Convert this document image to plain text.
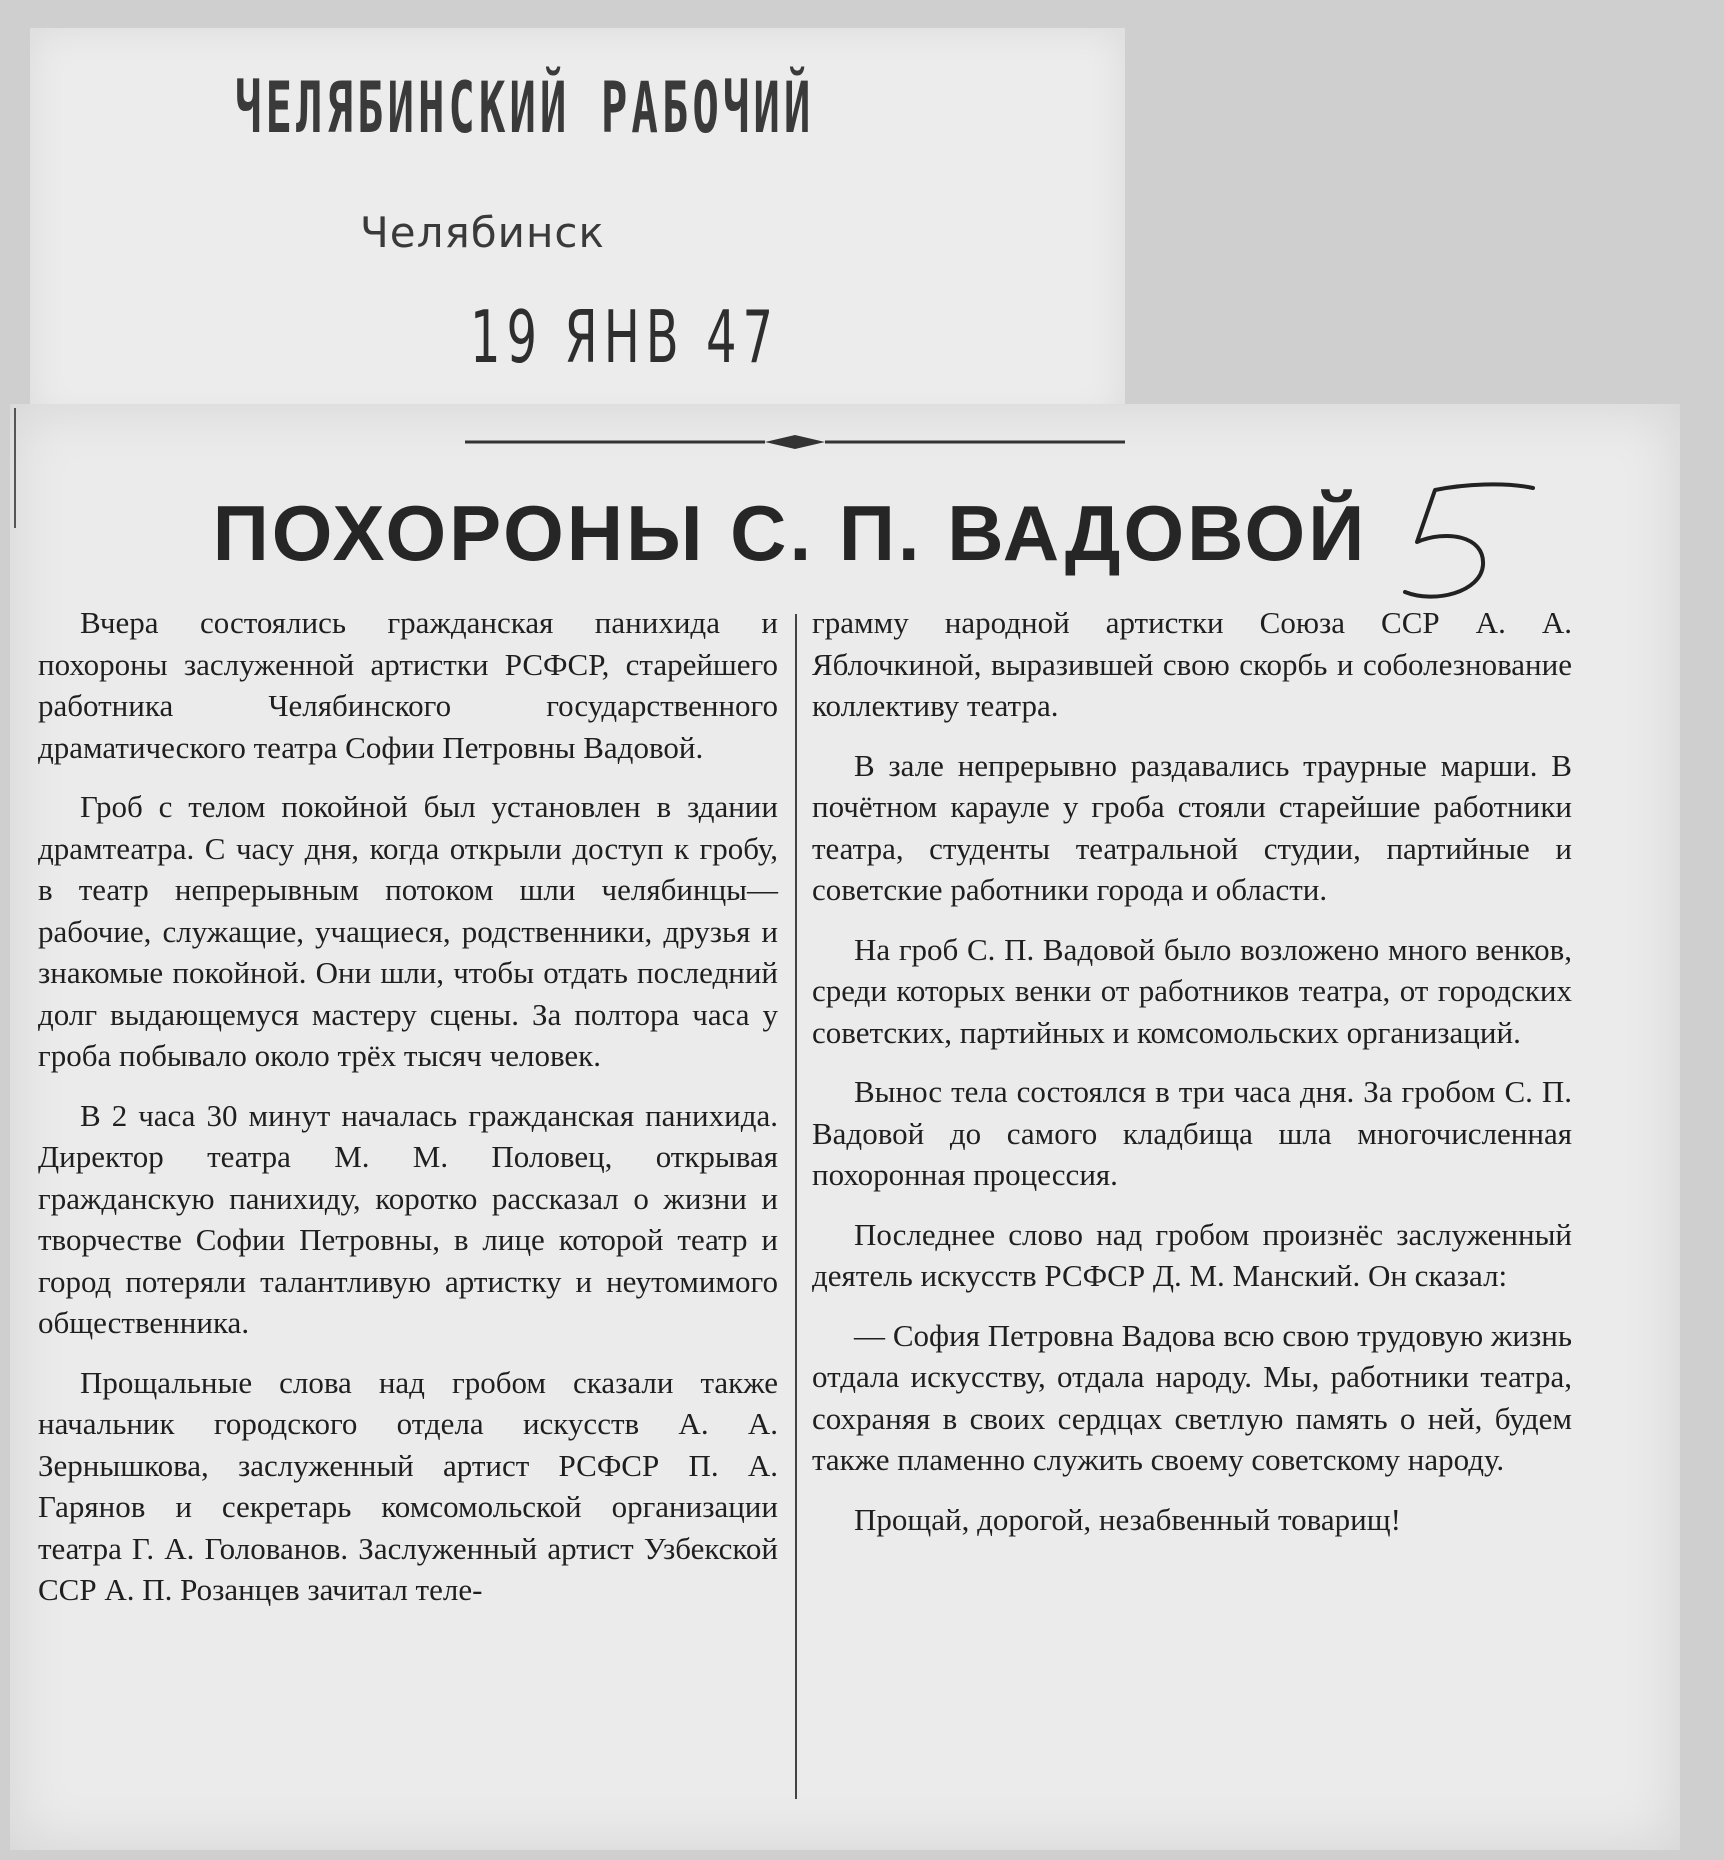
ЧЕЛЯБИНСКИЙ РАБОЧИЙ
Челябинск
19 ЯНВ 47
ПОХОРОНЫ С. П. ВАДОВОЙ

Вчера состоялись гражданская панихида и похороны заслуженной артистки РСФСР, старейшего работника Челябинского государственного драматического театра Софии Петровны Вадовой.

Гроб с телом покойной был установлен в здании драмтеатра. С часу дня, когда открыли доступ к гробу, в театр непрерывным потоком шли челябинцы—рабочие, служащие, учащиеся, родственники, друзья и знакомые покойной. Они шли, чтобы отдать последний долг выдающемуся мастеру сцены. За полтора часа у гроба побывало около трёх тысяч человек.

В 2 часа 30 минут началась гражданская панихида. Директор театра М. М. Половец, открывая гражданскую панихиду, коротко рассказал о жизни и творчестве Софии Петровны, в лице которой театр и город потеряли талантливую артистку и неутомимого общественника.

Прощальные слова над гробом сказали также начальник городского отдела искусств А. А. Зернышкова, заслуженный артист РСФСР П. А. Гарянов и секретарь комсомольской организации театра Г. А. Голованов. Заслуженный артист Узбекской ССР А. П. Розанцев зачитал теле-

грамму народной артистки Союза ССР А. А. Яблочкиной, выразившей свою скорбь и соболезнование коллективу театра.

В зале непрерывно раздавались траурные марши. В почётном карауле у гроба стояли старейшие работники театра, студенты театральной студии, партийные и советские работники города и области.

На гроб С. П. Вадовой было возложено много венков, среди которых венки от работников театра, от городских советских, партийных и комсомольских организаций.

Вынос тела состоялся в три часа дня. За гробом С. П. Вадовой до самого кладбища шла многочисленная похоронная процессия.

Последнее слово над гробом произнёс заслуженный деятель искусств РСФСР Д. М. Манский. Он сказал:

— София Петровна Вадова всю свою трудовую жизнь отдала искусству, отдала народу. Мы, работники театра, сохраняя в своих сердцах светлую память о ней, будем также пламенно служить своему советскому народу.

Прощай, дорогой, незабвенный товарищ!
